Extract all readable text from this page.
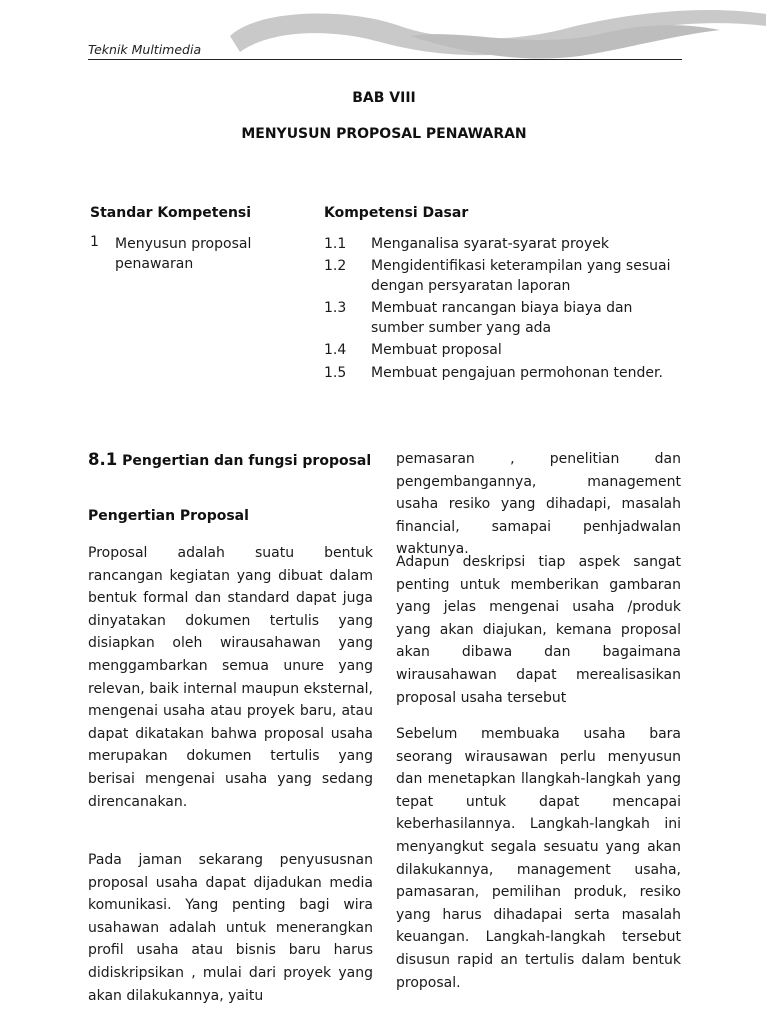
Teknik Multimedia
BAB VIII
MENYUSUN PROPOSAL PENAWARAN
Standar Kompetensi	Kompetensi Dasar
1 Menyusun proposal penawaran
1.1 Menganalisa syarat-syarat proyek
1.2 Mengidentifikasi keterampilan yang sesuai dengan persyaratan laporan
1.3 Membuat rancangan biaya biaya dan sumber sumber yang ada
1.4 Membuat proposal
1.5 Membuat pengajuan permohonan tender.
8.1 Pengertian dan fungsi proposal
Pengertian Proposal
Proposal adalah suatu bentuk rancangan kegiatan yang dibuat dalam bentuk formal dan standard dapat juga dinyatakan dokumen tertulis yang disiapkan oleh wirausahawan yang menggambarkan semua unure yang relevan, baik internal maupun eksternal, mengenai usaha atau proyek baru, atau dapat dikatakan bahwa proposal usaha merupakan dokumen tertulis yang berisai mengenai usaha yang sedang direncanakan.
Pada jaman sekarang penyususnan proposal usaha dapat dijadukan media komunikasi. Yang penting bagi wira usahawan adalah untuk menerangkan profil usaha atau bisnis baru harus didiskripsikan , mulai dari proyek yang akan dilakukannya, yaitu
pemasaran , penelitian dan pengembangannya, management usaha resiko yang dihadapi, masalah financial, samapai penhjadwalan waktunya.
Adapun deskripsi tiap aspek sangat penting untuk memberikan gambaran yang jelas mengenai usaha /produk yang akan diajukan, kemana proposal akan dibawa dan bagaimana wirausahawan dapat merealisasikan proposal usaha tersebut
Sebelum membuaka usaha bara seorang wirausawan perlu menyusun dan menetapkan llangkah-langkah yang tepat untuk dapat mencapai keberhasilannya. Langkah-langkah ini menyangkut segala sesuatu yang akan dilakukannya, management usaha, pamasaran, pemilihan produk, resiko yang harus dihadapai serta masalah keuangan. Langkah-langkah tersebut disusun rapid an tertulis dalam bentuk proposal.
